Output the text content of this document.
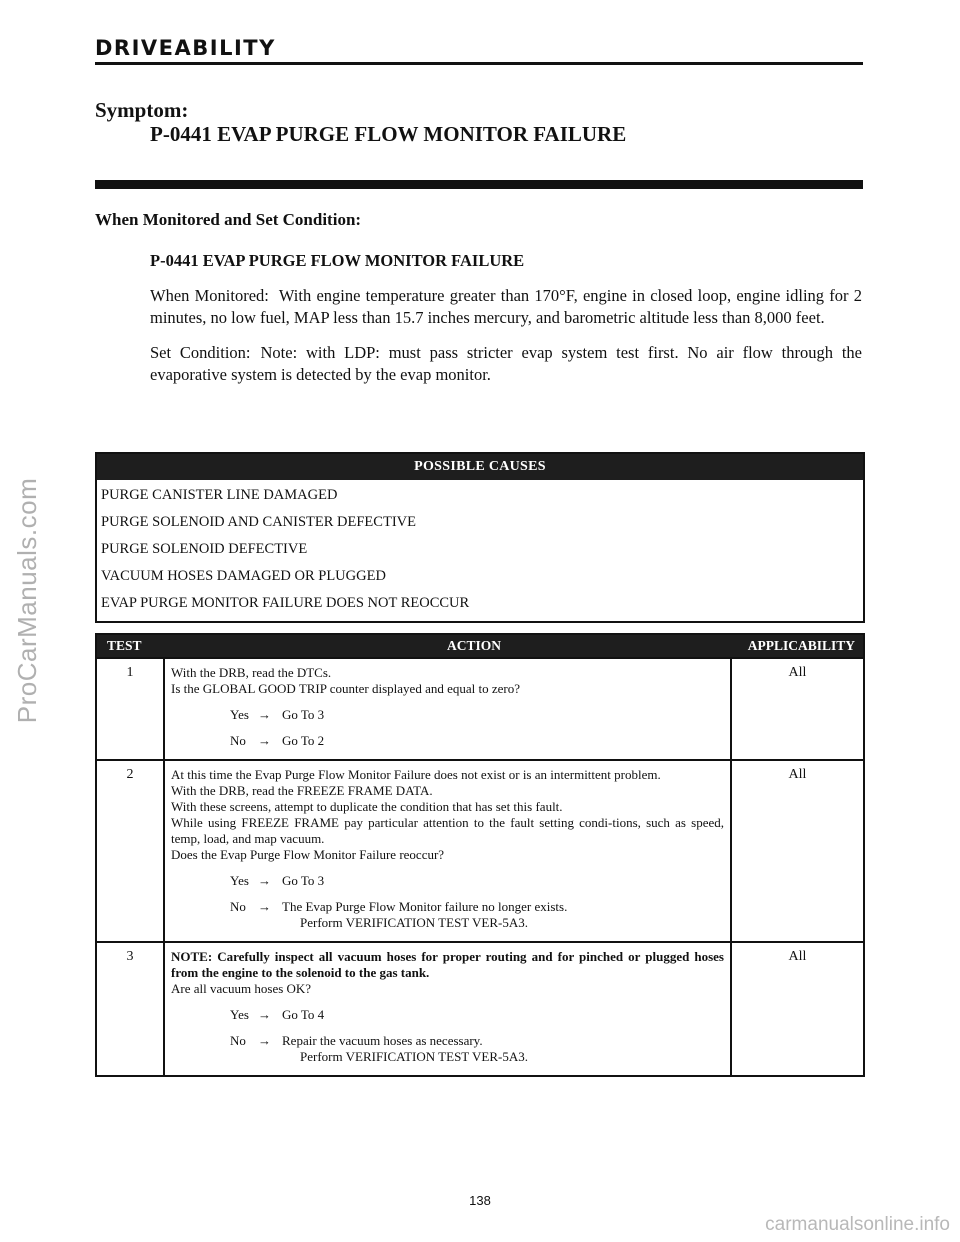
ProCarManuals.com
carmanualsonline.info
DRIVEABILITY
Symptom:
P-0441 EVAP PURGE FLOW MONITOR FAILURE
When Monitored and Set Condition:

P-0441 EVAP PURGE FLOW MONITOR FAILURE

When Monitored: With engine temperature greater than 170°F, engine in closed loop, engine idling for 2 minutes, no low fuel, MAP less than 15.7 inches mercury, and barometric altitude less than 8,000 feet.

Set Condition: Note: with LDP: must pass stricter evap system test first. No air flow through the evaporative system is detected by the evap monitor.

POSSIBLE CAUSES
PURGE CANISTER LINE DAMAGED
PURGE SOLENOID AND CANISTER DEFECTIVE
PURGE SOLENOID DEFECTIVE
VACUUM HOSES DAMAGED OR PLUGGED
EVAP PURGE MONITOR FAILURE DOES NOT REOCCUR
TEST	ACTION	APPLICABILITY
1	With the DRB, read the DTCs.
Is the GLOBAL GOOD TRIP counter displayed and equal to zero?
Yes → Go To 3
No → Go To 2
All
2	At this time the Evap Purge Flow Monitor Failure does not exist or is an intermittent problem.
With the DRB, read the FREEZE FRAME DATA.
With these screens, attempt to duplicate the condition that has set this fault.
While using FREEZE FRAME pay particular attention to the fault setting condi-tions, such as speed, temp, load, and map vacuum.
Does the Evap Purge Flow Monitor Failure reoccur?
Yes → Go To 3
No → The Evap Purge Flow Monitor failure no longer exists.
Perform VERIFICATION TEST VER-5A3.
All
3	NOTE: Carefully inspect all vacuum hoses for proper routing and for pinched or plugged hoses from the engine to the solenoid to the gas tank.
Are all vacuum hoses OK?
Yes → Go To 4
No → Repair the vacuum hoses as necessary.
Perform VERIFICATION TEST VER-5A3.
All
138
